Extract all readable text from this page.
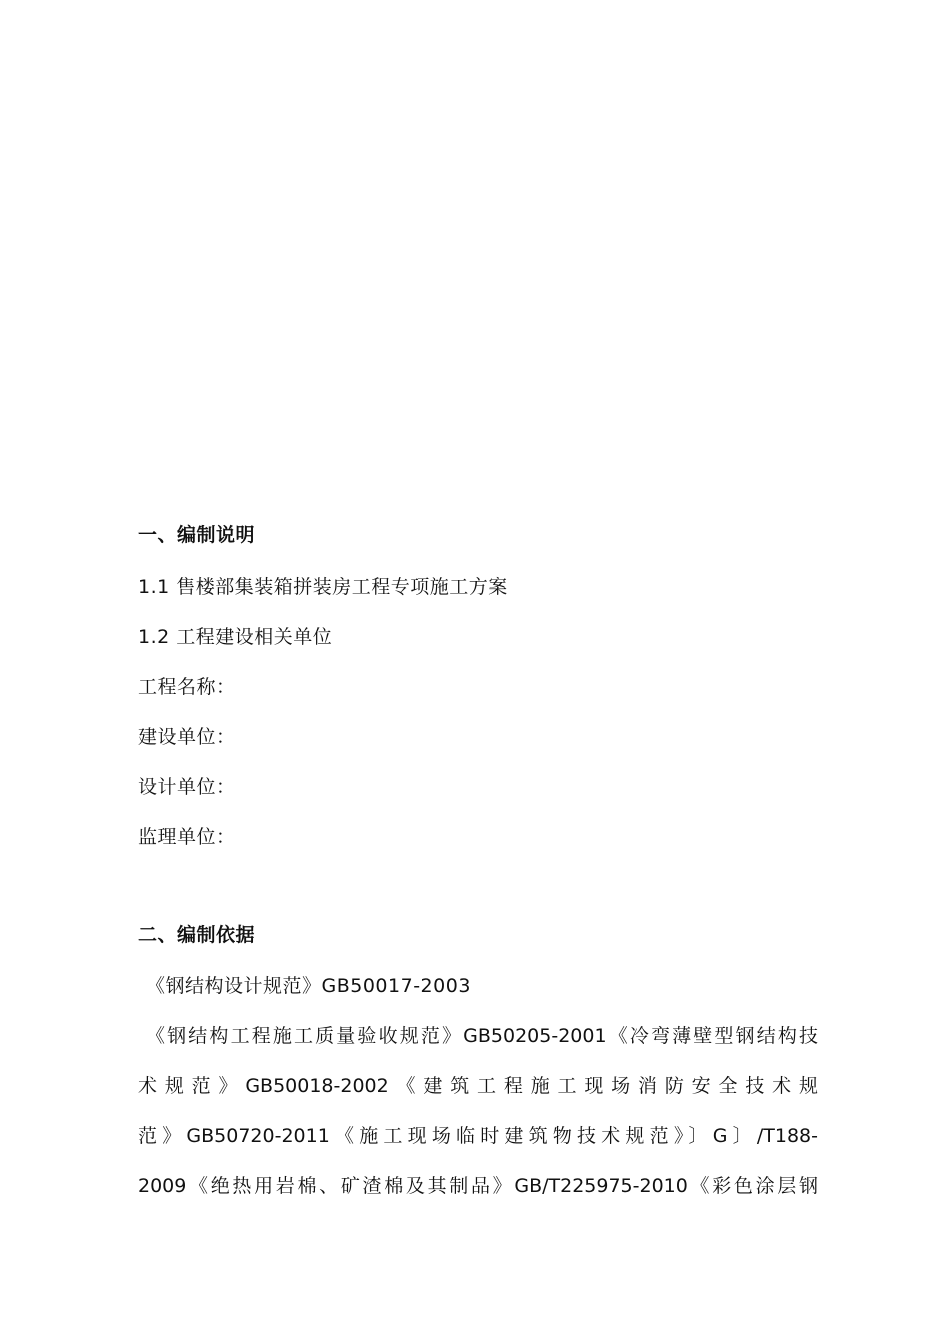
一、编制说明
1.1 售楼部集装箱拼装房工程专项施工方案
1.2 工程建设相关单位
工程名称：
建设单位：
设计单位：
监理单位：
二、编制依据
《钢结构设计规范》GB50017-2003
《钢结构工程施工质量验收规范》GB50205-2001《冷弯薄壁型钢结构技
术规范》GB50018-2002《建筑工程施工现场消防安全技术规
范》GB50720-2011《施工现场临时建筑物技术规范》〕G〕/T188-
2009《绝热用岩棉、矿渣棉及其制品》GB/T225975-2010《彩色涂层钢
